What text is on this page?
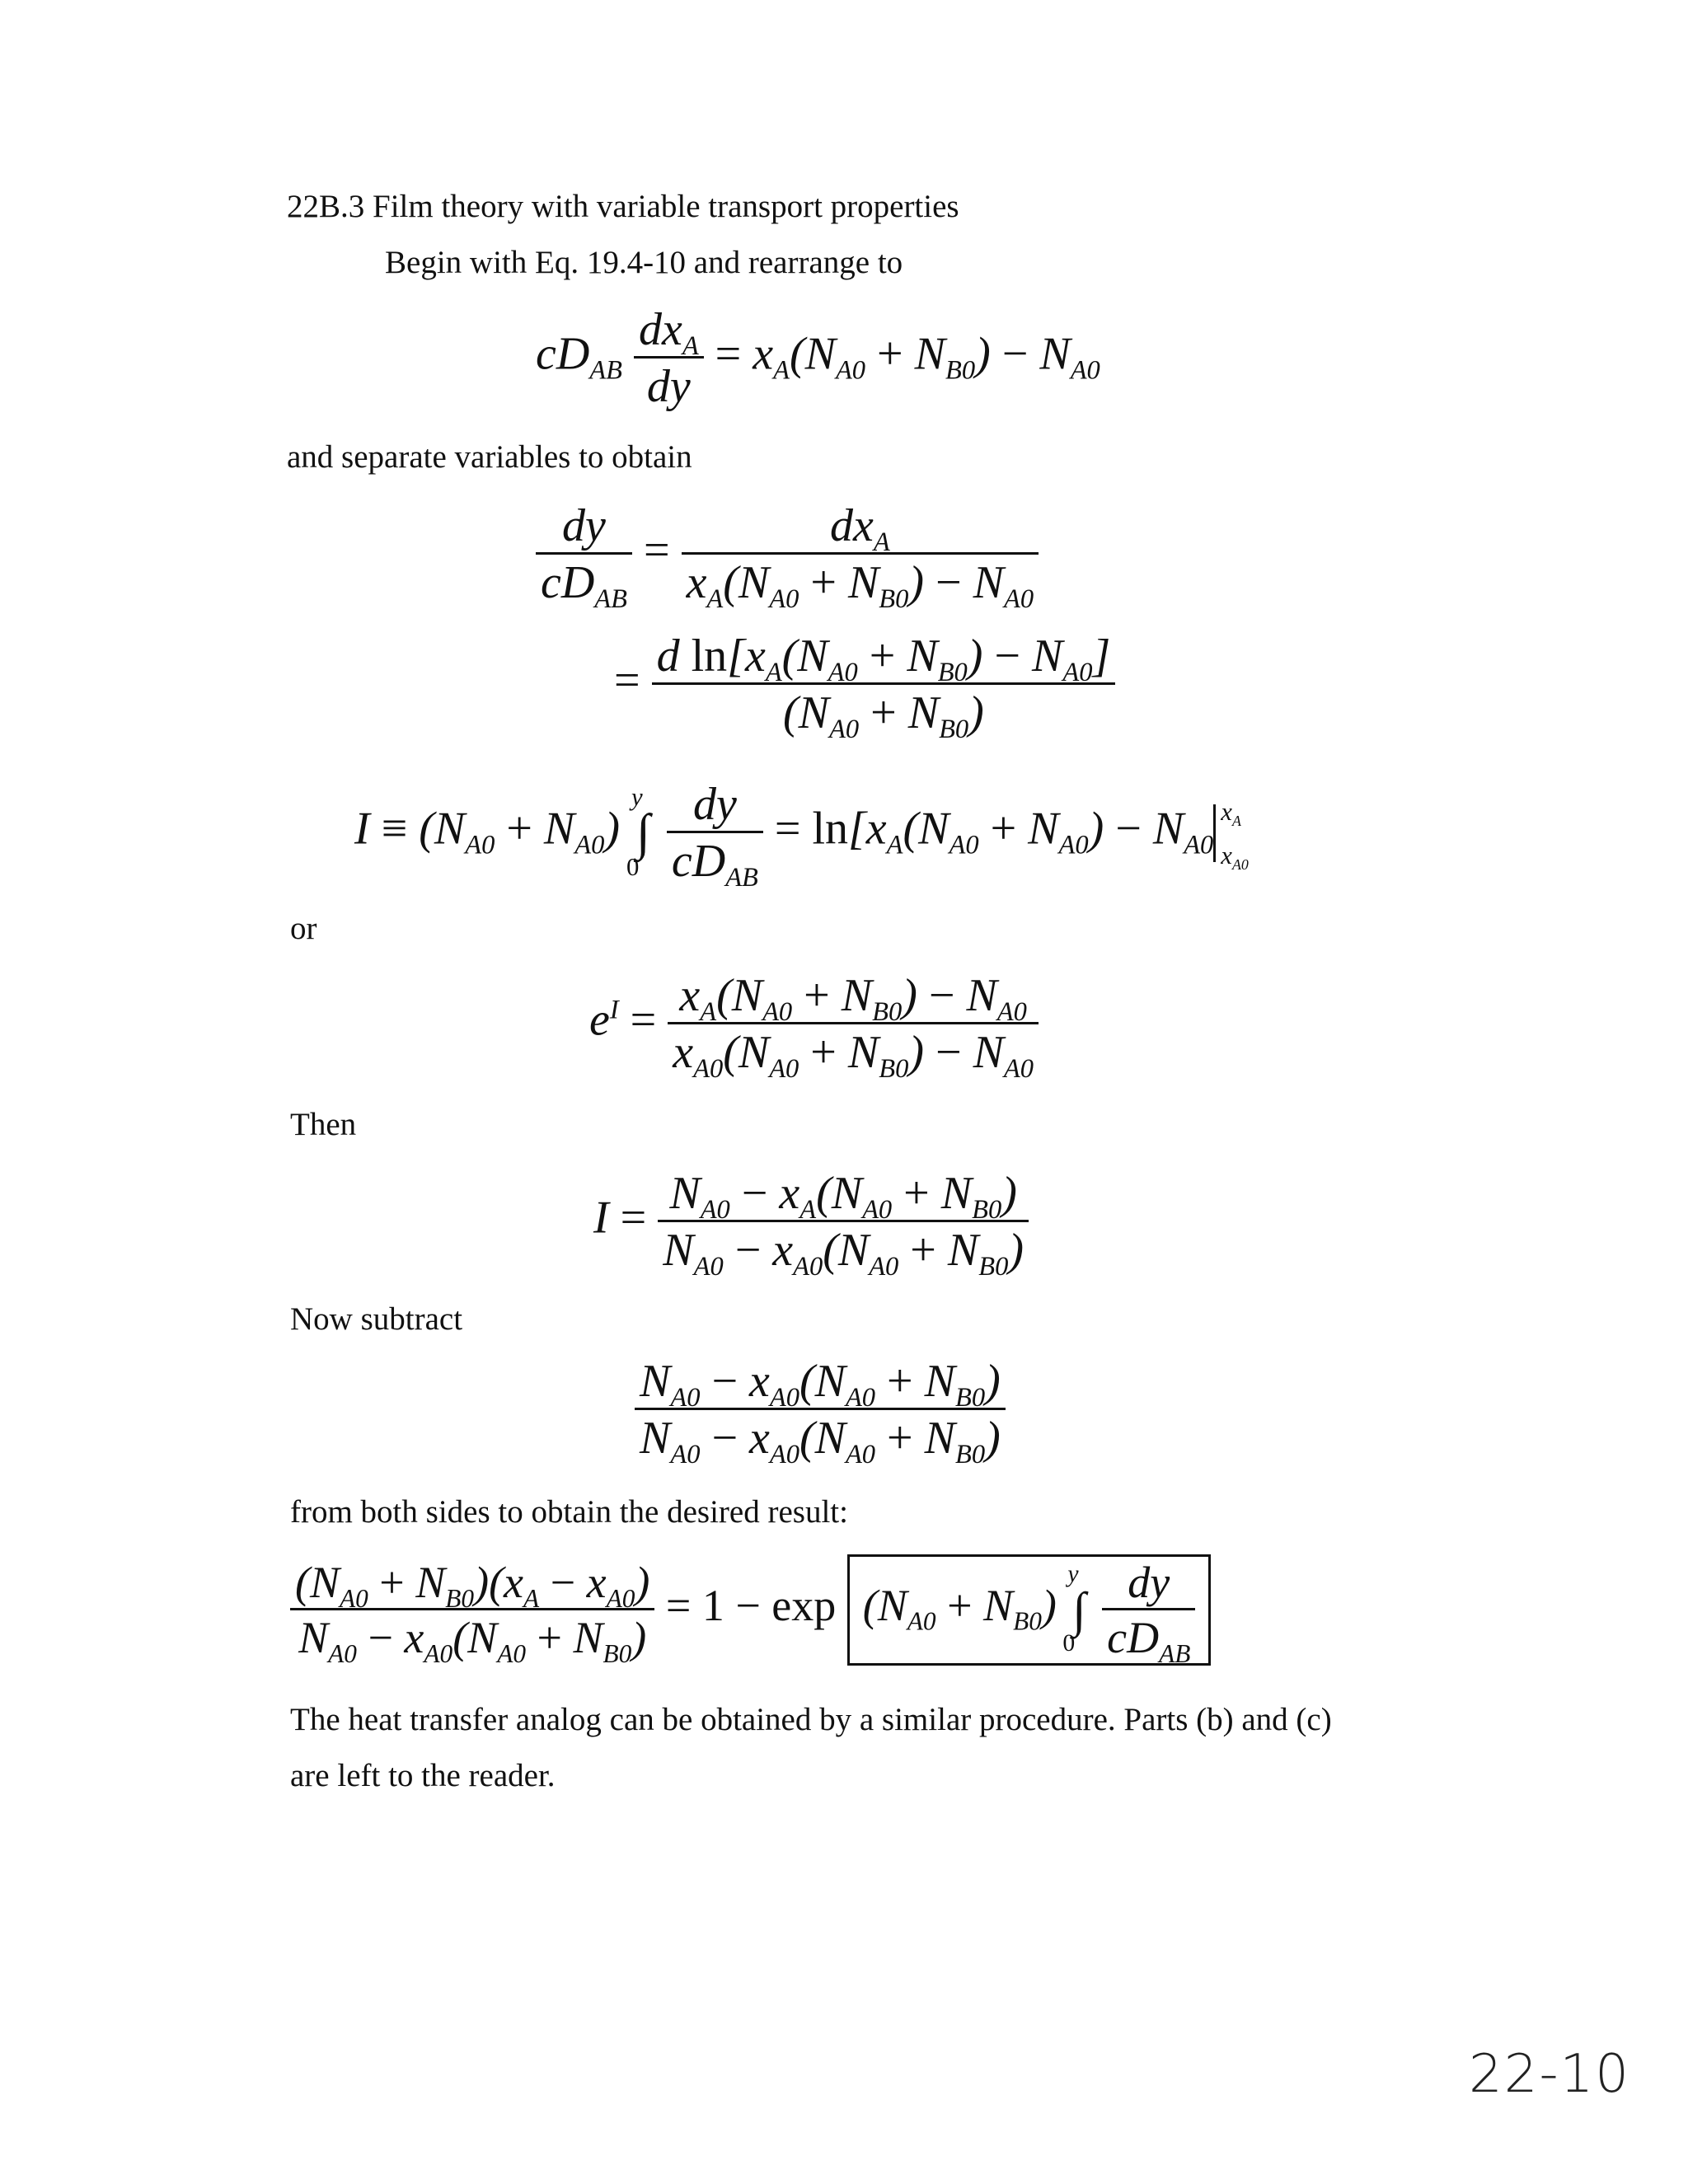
22B.3 Film theory with variable transport properties
Begin with Eq. 19.4-10 and rearrange to
$cD_{AB} \frac{dx_A}{dy} = x_A(N_{A0} + N_{B0}) - N_{A0}$
and separate variables to obtain
$\frac{dy}{cD_{AB}} = \frac{dx_A}{x_A(N_{A0} + N_{B0}) - N_{A0}}$
= $\frac{d \ln[x_A(N_{A0} + N_{B0}) - N_{A0}]}{(N_{A0} + N_{B0})}$
$I \equiv (N_{A0} + N_{A0})$
y
∫
0
$\frac{dy}{cD_{AB}} = \ln[x_A(N_{A0} + N_{A0}) - N_{A0}$
$x_A$
$x_{A0}$
or
$e^I = \frac{x_A(N_{A0} + N_{B0}) - N_{A0}}{x_{A0}(N_{A0} + N_{B0}) - N_{A0}}$
Then
$I = \frac{N_{A0} - x_A(N_{A0} + N_{B0})}{N_{A0} - x_{A0}(N_{A0} + N_{B0})}$
Now subtract
$\frac{N_{A0} - x_{A0}(N_{A0} + N_{B0})}{N_{A0} - x_{A0}(N_{A0} + N_{B0})}$
from both sides to obtain the desired result:
$\frac{(N_{A0} + N_{B0})(x_A - x_{A0})}{N_{A0} - x_{A0}(N_{A0} + N_{B0})} = 1 - \exp (N_{A0} + N_{B0})$
y
∫
0
$\frac{dy}{cD_{AB}}$
The heat transfer analog can be obtained by a similar procedure. Parts (b) and (c)
are left to the reader.
22-10
